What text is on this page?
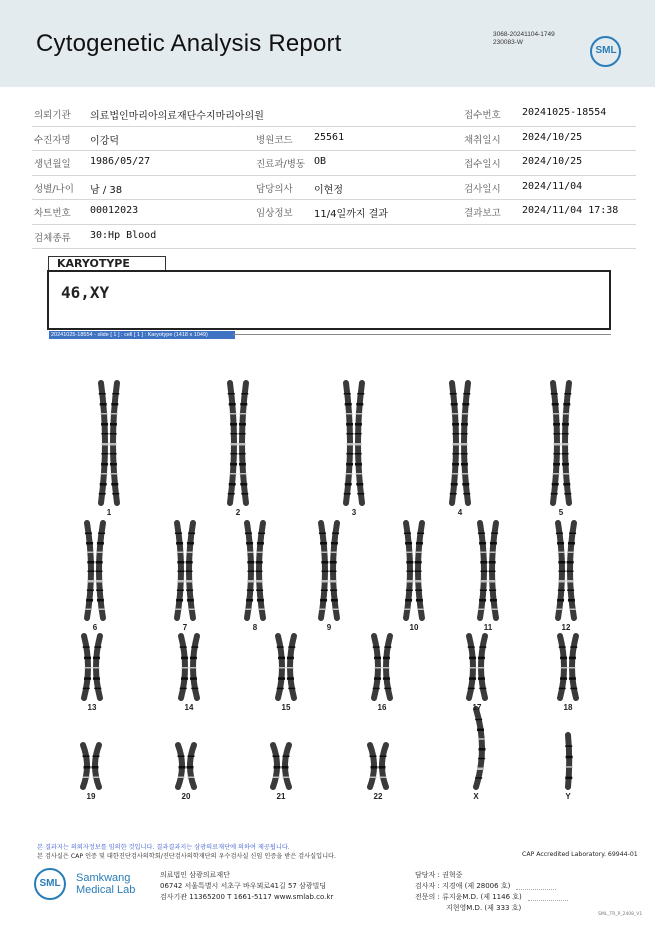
Cytogenetic Analysis Report	3068-20241104-1749
230083-W
SML
의뢰기관 의료법인마리아의료재단수지마리아의원	접수번호 20241025-18554
수진자명 이강덕	병원코드 25561	채취일시 2024/10/25
생년월일 1986/05/27	진료과/병동 OB	접수일시 2024/10/25
성별/나이 남 / 38	담당의사 이현정	검사일시 2024/11/04
차트번호 00012023	임상정보 11/4일까지 결과	결과보고 2024/11/04 17:38
검체종류 30:Hp Blood
KARYOTYPE
46,XY
20241025-18554 - slide [ 1 ] : cell [ 1 ] : Karyotype (1418 x 1049)
1	2	3	4	5
6	7	8	9	10	11	12
13	14	15	16	17	18
19	20	21	22	X	Y
본 결과지는 의뢰자정보를 임의한 것입니다. 결과결과지는 삼광의료재단에 의하여 제공됩니다.
본 검사실은 CAP 인증 및 대한진단검사의학회/진단검사의학재단의 우수검사실 신임 인증을 받은 검사실입니다.	CAP Accredited Laboratory. 69944-01
SML	Samkwang
Medical Lab
의료법인 삼광의료재단
06742 서울특별시 서초구 바우뫼로41길 57 삼광빌딩
검사기관 11365200 T 1661-5117 www.smlab.co.kr
담당자 : 권혁중
검사자 : 지경애 (제 28006 호)
전문의 : 류지윤M.D. (제 1146 호)
지현영M.D. (제 333 호)
SML_TR_P_2408_V1
